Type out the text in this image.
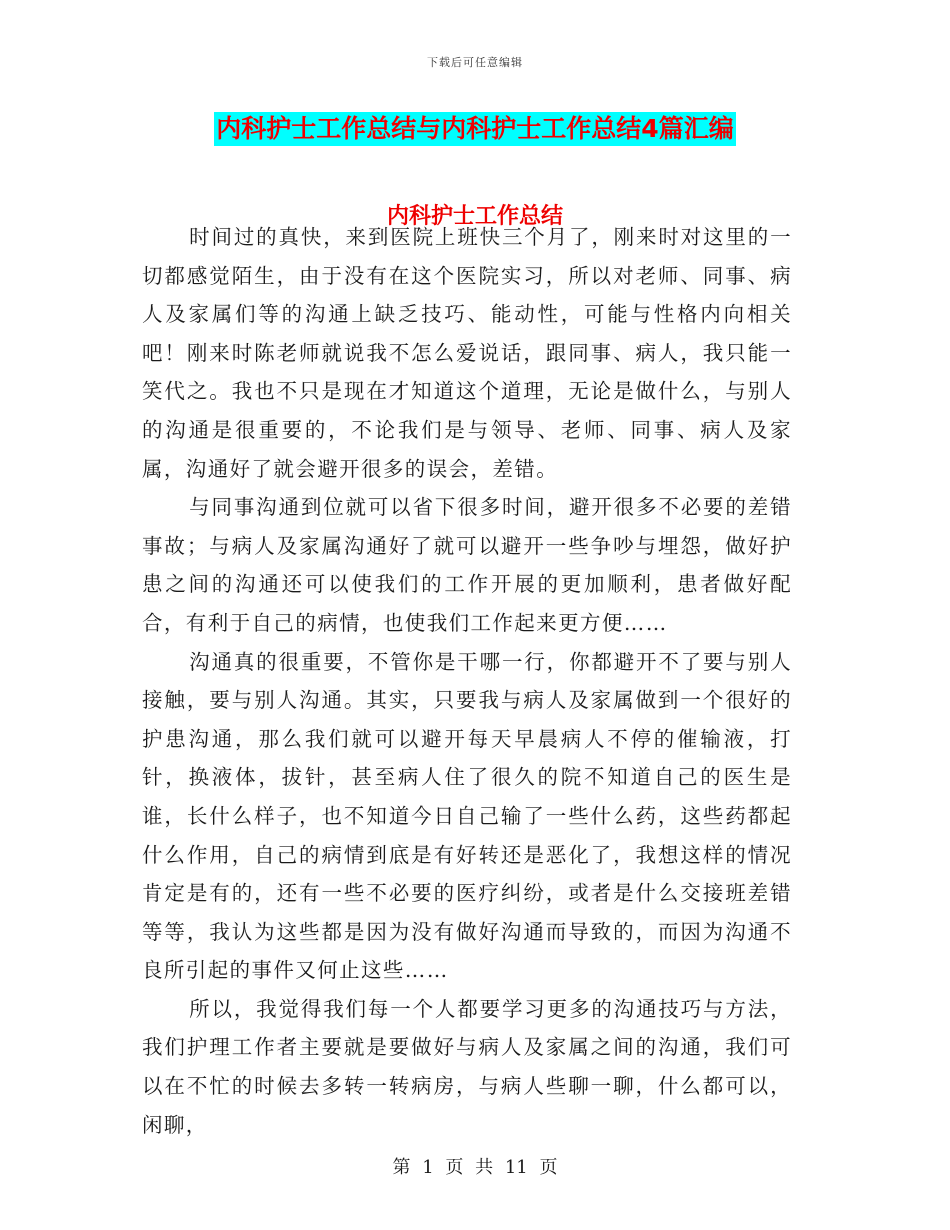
下载后可任意编辑
内科护士工作总结与内科护士工作总结4篇汇编
内科护士工作总结

时间过的真快，来到医院上班快三个月了，刚来时对这里的一切都感觉陌生，由于没有在这个医院实习，所以对老师、同事、病人及家属们等的沟通上缺乏技巧、能动性，可能与性格内向相关吧！刚来时陈老师就说我不怎么爱说话，跟同事、病人，我只能一笑代之。我也不只是现在才知道这个道理，无论是做什么，与别人的沟通是很重要的，不论我们是与领导、老师、同事、病人及家属，沟通好了就会避开很多的误会，差错。

与同事沟通到位就可以省下很多时间，避开很多不必要的差错事故；与病人及家属沟通好了就可以避开一些争吵与埋怨，做好护患之间的沟通还可以使我们的工作开展的更加顺利，患者做好配合，有利于自己的病情，也使我们工作起来更方便……

沟通真的很重要，不管你是干哪一行，你都避开不了要与别人接触，要与别人沟通。其实，只要我与病人及家属做到一个很好的护患沟通，那么我们就可以避开每天早晨病人不停的催输液，打针，换液体，拔针，甚至病人住了很久的院不知道自己的医生是谁，长什么样子，也不知道今日自己输了一些什么药，这些药都起什么作用，自己的病情到底是有好转还是恶化了，我想这样的情况肯定是有的，还有一些不必要的医疗纠纷，或者是什么交接班差错等等，我认为这些都是因为没有做好沟通而导致的，而因为沟通不良所引起的事件又何止这些……

所以，我觉得我们每一个人都要学习更多的沟通技巧与方法，我们护理工作者主要就是要做好与病人及家属之间的沟通，我们可以在不忙的时候去多转一转病房，与病人些聊一聊，什么都可以，闲聊，

第 1 页 共 11 页
